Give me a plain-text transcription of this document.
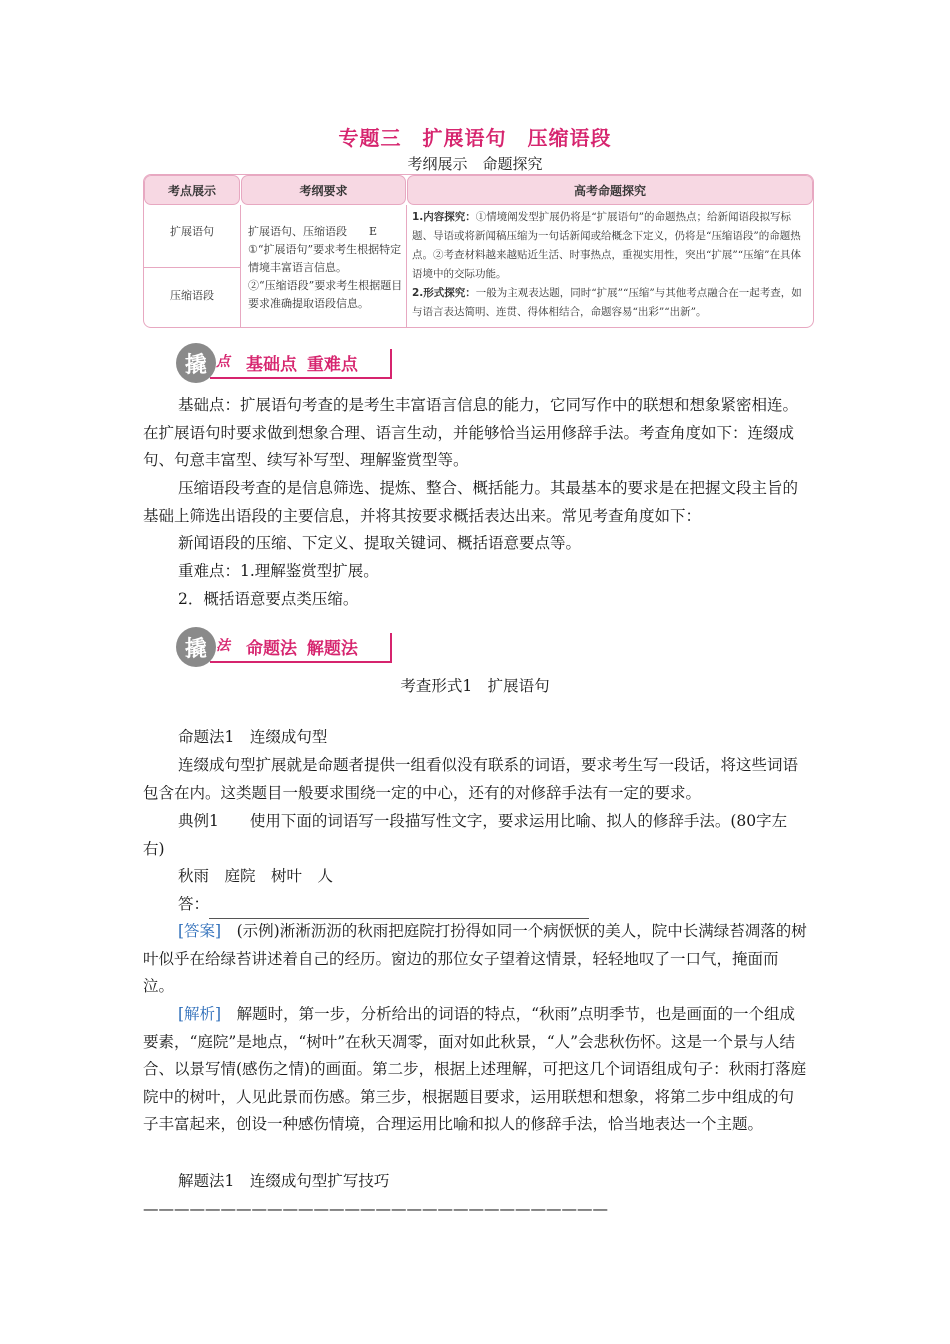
专题三　扩展语句　压缩语段
考纲展示　命题探究
考点展示	考纲要求	高考命题探究
扩展语句
压缩语段
扩展语句、压缩语段　　E
①“扩展语句”要求考生根据特定情境丰富语言信息。
②“压缩语段”要求考生根据题目要求准确提取语段信息。
1.内容探究：①情境阐发型扩展仍将是“扩展语句”的命题热点；给新闻语段拟写标题、导语或将新闻稿压缩为一句话新闻或给概念下定义，仍将是“压缩语段”的命题热点。②考查材料越来越贴近生活、时事热点，重视实用性，突出“扩展”“压缩”在具体语境中的交际功能。
2.形式探究：一般为主观表达题，同时“扩展”“压缩”与其他考点融合在一起考查，如与语言表达简明、连贯、得体相结合，命题容易“出彩”“出新”。
撬 点 基础点 重难点
基础点：扩展语句考查的是考生丰富语言信息的能力，它同写作中的联想和想象紧密相连。在扩展语句时要求做到想象合理、语言生动，并能够恰当运用修辞手法。考查角度如下：连缀成句、句意丰富型、续写补写型、理解鉴赏型等。
压缩语段考查的是信息筛选、提炼、整合、概括能力。其最基本的要求是在把握文段主旨的基础上筛选出语段的主要信息，并将其按要求概括表达出来。常见考查角度如下：
新闻语段的压缩、下定义、提取关键词、概括语意要点等。
重难点：1.理解鉴赏型扩展。
2．概括语意要点类压缩。
撬 法 命题法 解题法
考查形式1　扩展语句
命题法1　连缀成句型
连缀成句型扩展就是命题者提供一组看似没有联系的词语，要求考生写一段话，将这些词语包含在内。这类题目一般要求围绕一定的中心，还有的对修辞手法有一定的要求。
典例1　　使用下面的词语写一段描写性文字，要求运用比喻、拟人的修辞手法。(80字左右)
秋雨　庭院　树叶　人
答：
[答案]　 (示例)淅淅沥沥的秋雨把庭院打扮得如同一个病恹恹的美人，院中长满绿苔凋落的树叶似乎在给绿苔讲述着自己的经历。窗边的那位女子望着这情景，轻轻地叹了一口气，掩面而泣。
[解析]　 解题时，第一步，分析给出的词语的特点，“秋雨”点明季节，也是画面的一个组成要素，“庭院”是地点，“树叶”在秋天凋零，面对如此秋景，“人”会悲秋伤怀。这是一个景与人结合、以景写情(感伤之情)的画面。第二步，根据上述理解，可把这几个词语组成句子：秋雨打落庭院中的树叶，人见此景而伤感。第三步，根据题目要求，运用联想和想象，将第二步中组成的句子丰富起来，创设一种感伤情境，合理运用比喻和拟人的修辞手法，恰当地表达一个主题。
解题法1　连缀成句型扩写技巧　——————————————————————————————
